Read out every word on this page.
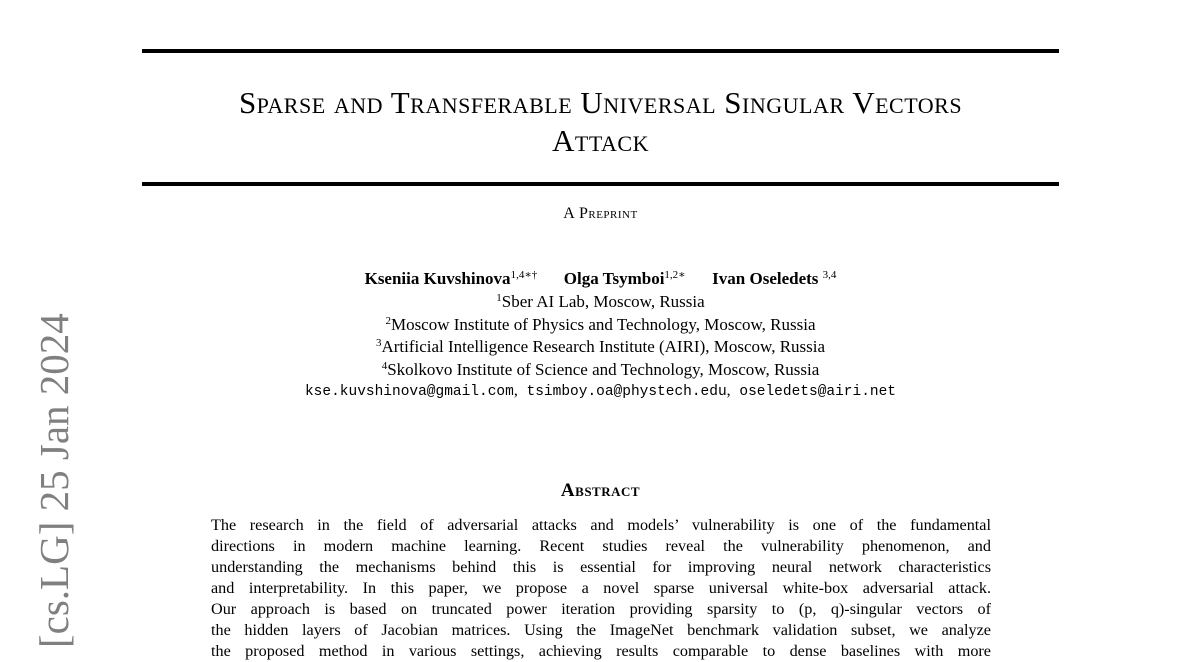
Sparse and Transferable Universal Singular Vectors
Attack
A Preprint
Kseniia Kuvshinova$^{1,4∗\dagger}$ Olga Tsymboi$^{1,2∗}$ Ivan Oseledets $^{3,4}$
$^1$Sber AI Lab, Moscow, Russia
$^2$Moscow Institute of Physics and Technology, Moscow, Russia
$^3$Artificial Intelligence Research Institute (AIRI), Moscow, Russia
$^4$Skolkovo Institute of Science and Technology, Moscow, Russia
kse.kuvshinova@gmail.com, tsimboy.oa@phystech.edu, oseledets@airi.net
Abstract
The research in the field of adversarial attacks and models’ vulnerability is one of the fundamental
directions in modern machine learning. Recent studies reveal the vulnerability phenomenon, and
understanding the mechanisms behind this is essential for improving neural network characteristics
and interpretability. In this paper, we propose a novel sparse universal white-box adversarial attack.
Our approach is based on truncated power iteration providing sparsity to (p, q)-singular vectors of
the hidden layers of Jacobian matrices. Using the ImageNet benchmark validation subset, we analyze
the proposed method in various settings, achieving results comparable to dense baselines with more
[cs.LG] 25 Jan 2024
